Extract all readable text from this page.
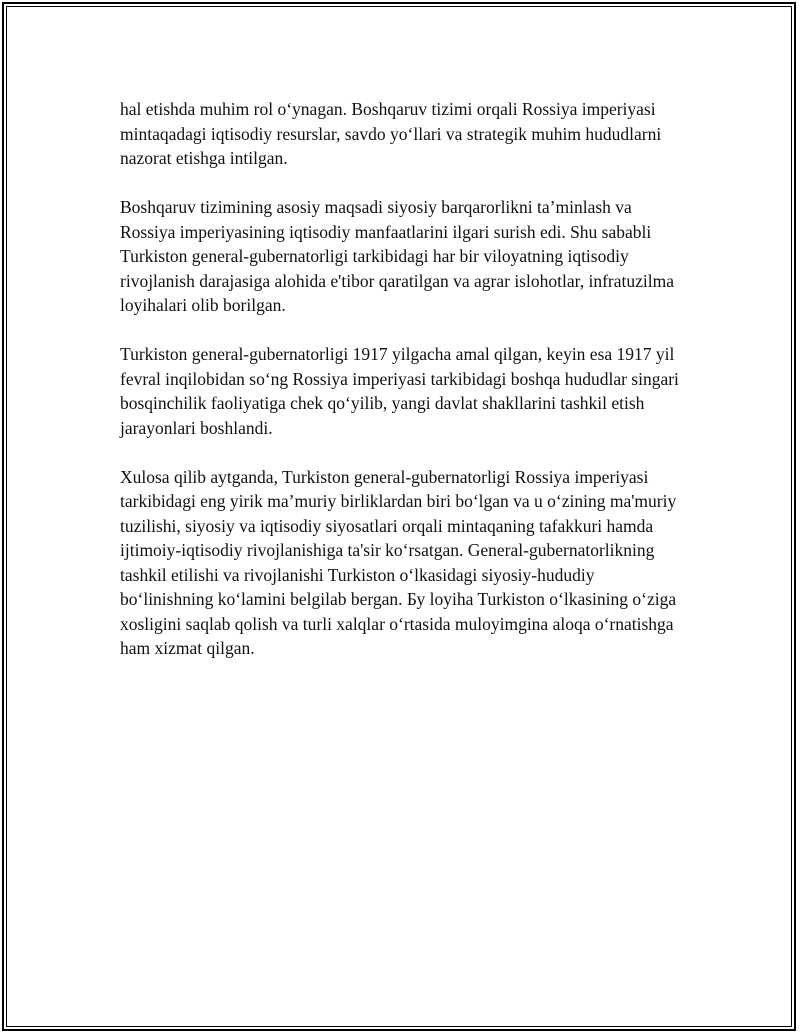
hal etishda muhim rol o‘ynagan. Boshqaruv tizimi orqali Rossiya imperiyasi mintaqadagi iqtisodiy resurslar, savdo yo‘llari va strategik muhim hududlarni nazorat etishga intilgan.

Boshqaruv tizimining asosiy maqsadi siyosiy barqarorlikni ta’minlash va Rossiya imperiyasining iqtisodiy manfaatlarini ilgari surish edi. Shu sababli Turkiston general-gubernatorligi tarkibidagi har bir viloyatning iqtisodiy rivojlanish darajasiga alohida e'tibor qaratilgan va agrar islohotlar, infratuzilma loyihalari olib borilgan.

Turkiston general-gubernatorligi 1917 yilgacha amal qilgan, keyin esa 1917 yil fevral inqilobidan so‘ng Rossiya imperiyasi tarkibidagi boshqa hududlar singari bosqinchilik faoliyatiga chek qo‘yilib, yangi davlat shakllarini tashkil etish jarayonlari boshlandi.

Xulosa qilib aytganda, Turkiston general-gubernatorligi Rossiya imperiyasi tarkibidagi eng yirik ma’muriy birliklardan biri bo‘lgan va u o‘zining ma'muriy tuzilishi, siyosiy va iqtisodiy siyosatlari orqali mintaqaning tafakkuri hamda ijtimoiy-iqtisodiy rivojlanishiga ta'sir ko‘rsatgan. General-gubernatorlikning tashkil etilishi va rivojlanishi Turkiston o‘lkasidagi siyosiy-hududiy bo‘linishning ko‘lamini belgilab bergan. Бу loyiha Turkiston o‘lkasining o‘ziga xosligini saqlab qolish va turli xalqlar o‘rtasida muloyimgina aloqa o‘rnatishga ham xizmat qilgan.
